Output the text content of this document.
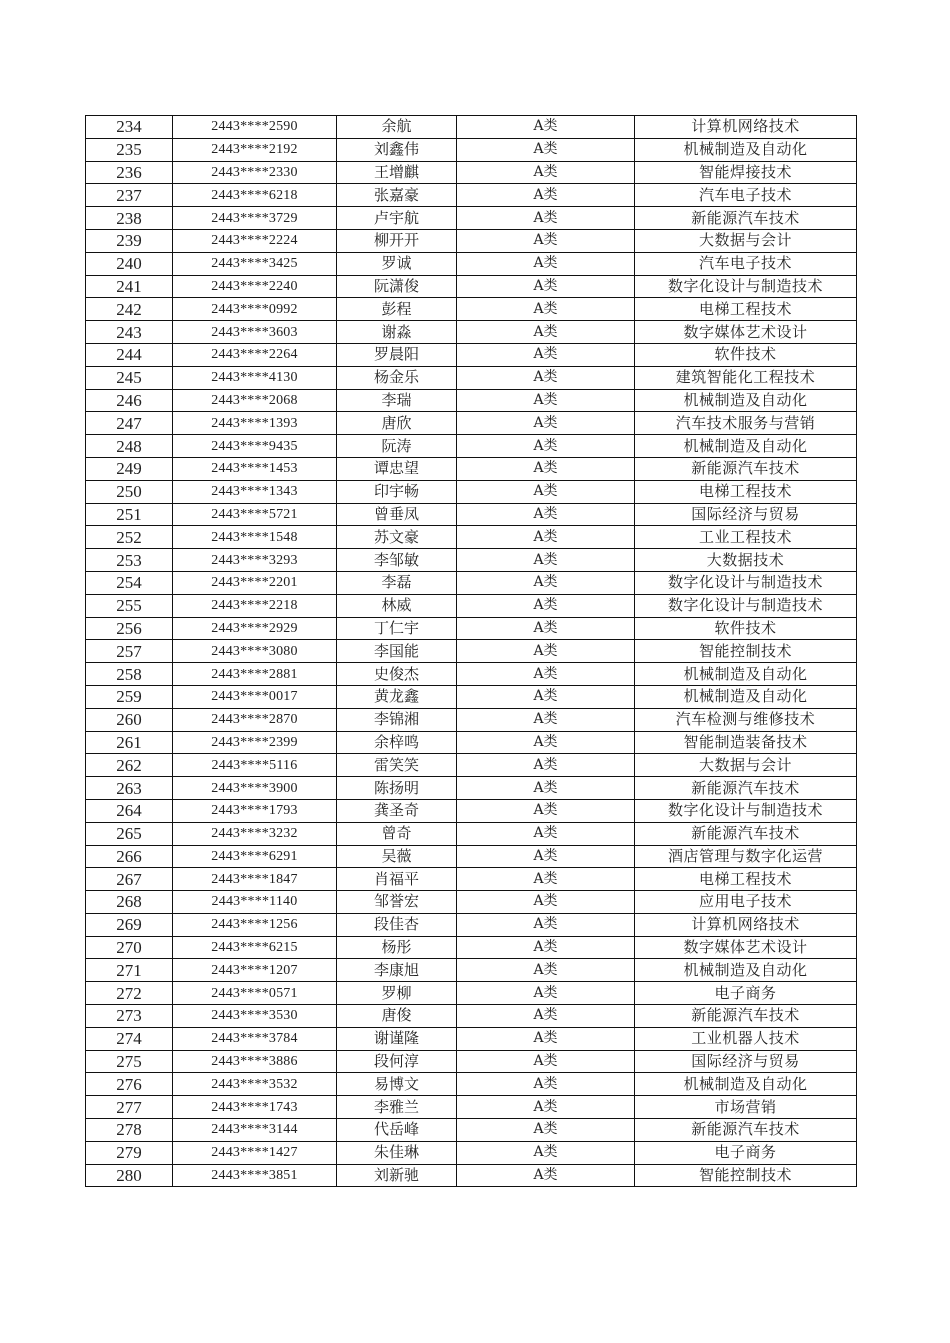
234	2443****2590	余航	A类	计算机网络技术
235	2443****2192	刘鑫伟	A类	机械制造及自动化
236	2443****2330	王增麒	A类	智能焊接技术
237	2443****6218	张嘉豪	A类	汽车电子技术
238	2443****3729	卢宇航	A类	新能源汽车技术
239	2443****2224	柳开开	A类	大数据与会计
240	2443****3425	罗诚	A类	汽车电子技术
241	2443****2240	阮潇俊	A类	数字化设计与制造技术
242	2443****0992	彭程	A类	电梯工程技术
243	2443****3603	谢淼	A类	数字媒体艺术设计
244	2443****2264	罗晨阳	A类	软件技术
245	2443****4130	杨金乐	A类	建筑智能化工程技术
246	2443****2068	李瑞	A类	机械制造及自动化
247	2443****1393	唐欣	A类	汽车技术服务与营销
248	2443****9435	阮涛	A类	机械制造及自动化
249	2443****1453	谭忠望	A类	新能源汽车技术
250	2443****1343	印宇畅	A类	电梯工程技术
251	2443****5721	曾垂凤	A类	国际经济与贸易
252	2443****1548	苏文豪	A类	工业工程技术
253	2443****3293	李邹敏	A类	大数据技术
254	2443****2201	李磊	A类	数字化设计与制造技术
255	2443****2218	林威	A类	数字化设计与制造技术
256	2443****2929	丁仁宇	A类	软件技术
257	2443****3080	李国能	A类	智能控制技术
258	2443****2881	史俊杰	A类	机械制造及自动化
259	2443****0017	黄龙鑫	A类	机械制造及自动化
260	2443****2870	李锦湘	A类	汽车检测与维修技术
261	2443****2399	余梓鸣	A类	智能制造装备技术
262	2443****5116	雷笑笑	A类	大数据与会计
263	2443****3900	陈扬明	A类	新能源汽车技术
264	2443****1793	龚圣奇	A类	数字化设计与制造技术
265	2443****3232	曾奇	A类	新能源汽车技术
266	2443****6291	吴薇	A类	酒店管理与数字化运营
267	2443****1847	肖福平	A类	电梯工程技术
268	2443****1140	邹誉宏	A类	应用电子技术
269	2443****1256	段佳杏	A类	计算机网络技术
270	2443****6215	杨彤	A类	数字媒体艺术设计
271	2443****1207	李康旭	A类	机械制造及自动化
272	2443****0571	罗柳	A类	电子商务
273	2443****3530	唐俊	A类	新能源汽车技术
274	2443****3784	谢谨隆	A类	工业机器人技术
275	2443****3886	段何淳	A类	国际经济与贸易
276	2443****3532	易博文	A类	机械制造及自动化
277	2443****1743	李雅兰	A类	市场营销
278	2443****3144	代岳峰	A类	新能源汽车技术
279	2443****1427	朱佳琳	A类	电子商务
280	2443****3851	刘新驰	A类	智能控制技术
